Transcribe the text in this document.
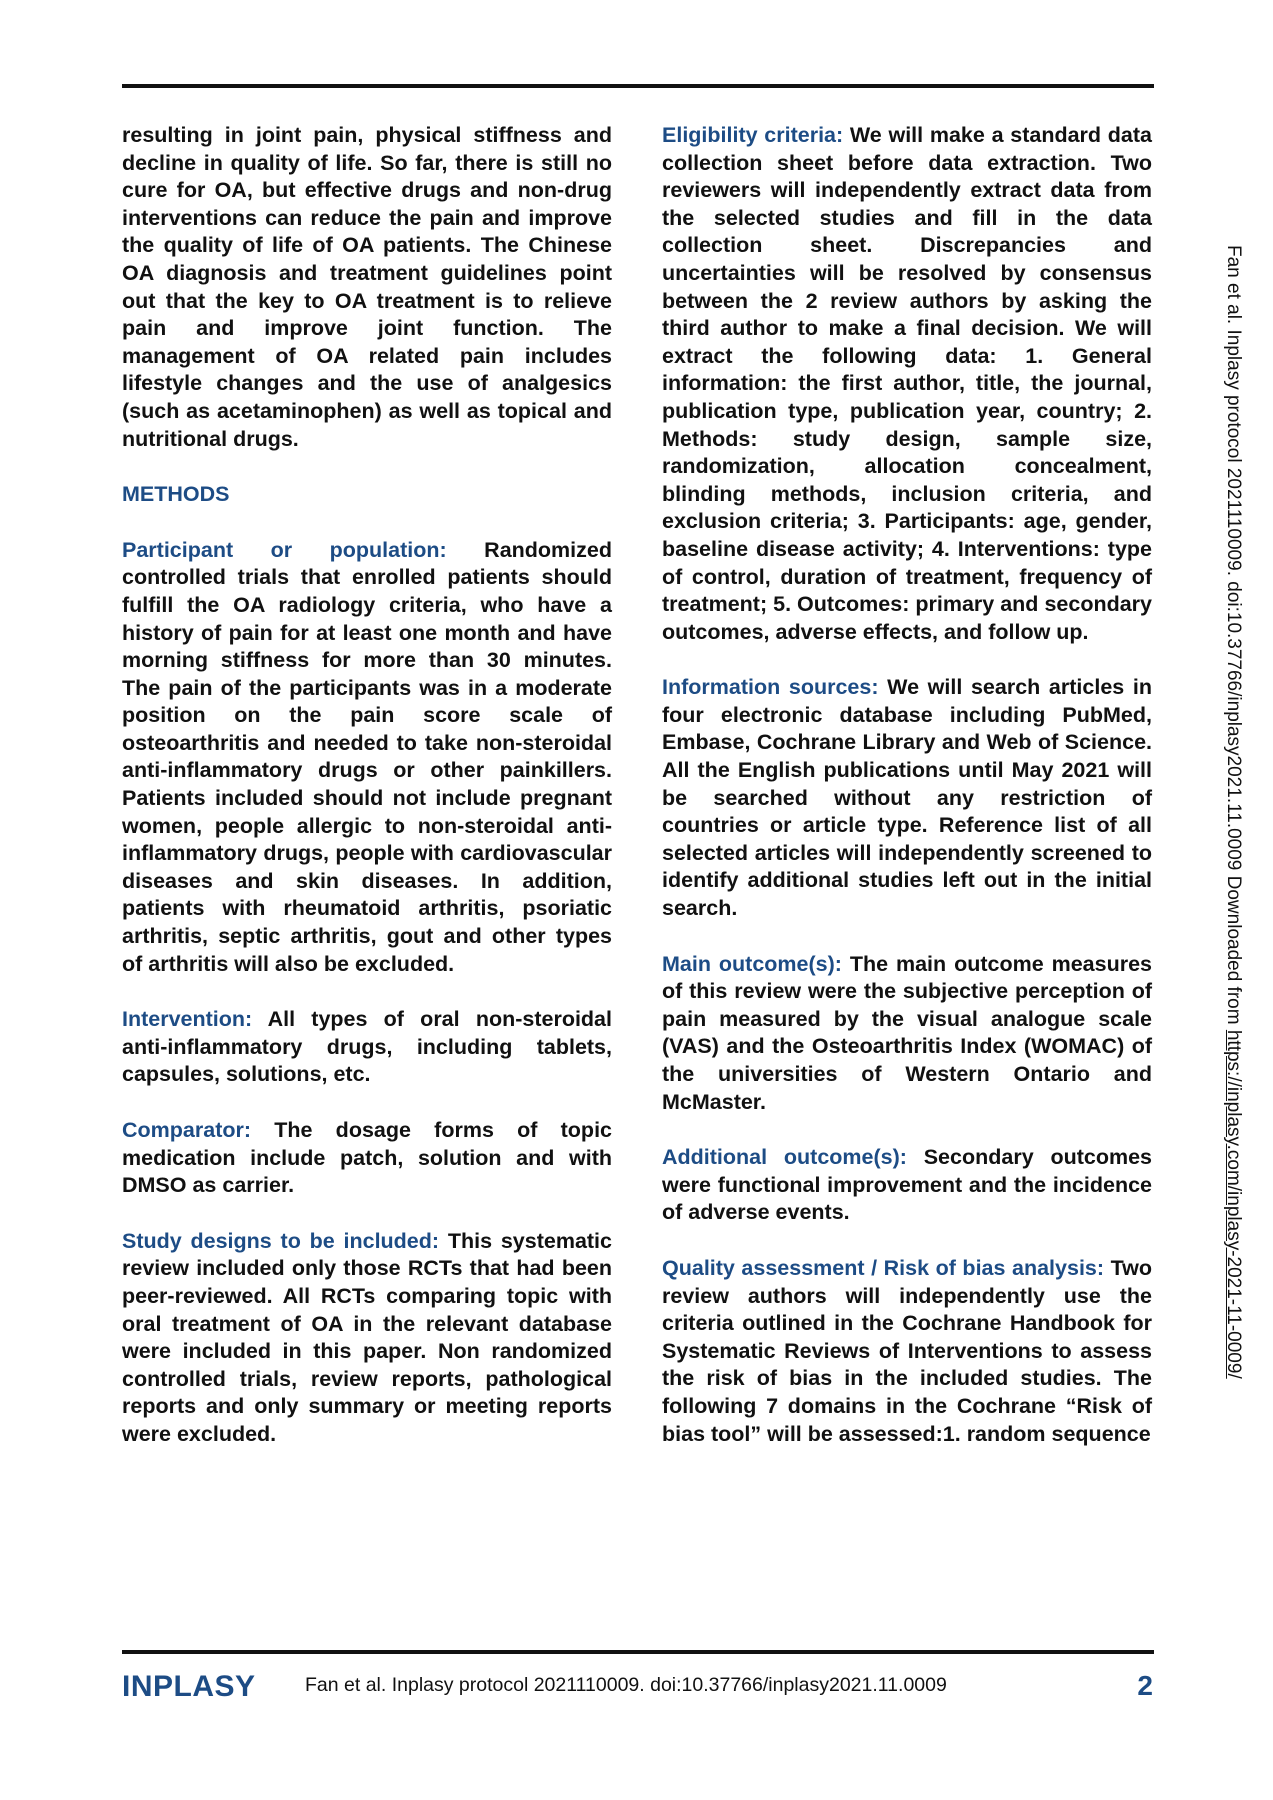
resulting in joint pain, physical stiffness and decline in quality of life. So far, there is still no cure for OA, but effective drugs and non-drug interventions can reduce the pain and improve the quality of life of OA patients. The Chinese OA diagnosis and treatment guidelines point out that the key to OA treatment is to relieve pain and improve joint function. The management of OA related pain includes lifestyle changes and the use of analgesics (such as acetaminophen) as well as topical and nutritional drugs.

METHODS

Participant or population: Randomized controlled trials that enrolled patients should fulfill the OA radiology criteria, who have a history of pain for at least one month and have morning stiffness for more than 30 minutes. The pain of the participants was in a moderate position on the pain score scale of osteoarthritis and needed to take non-steroidal anti-inflammatory drugs or other painkillers. Patients included should not include pregnant women, people allergic to non-steroidal anti-inflammatory drugs, people with cardiovascular diseases and skin diseases. In addition, patients with rheumatoid arthritis, psoriatic arthritis, septic arthritis, gout and other types of arthritis will also be excluded.

Intervention: All types of oral non-steroidal anti-inflammatory drugs, including tablets, capsules, solutions, etc.

Comparator: The dosage forms of topic medication include patch, solution and with DMSO as carrier.

Study designs to be included: This systematic review included only those RCTs that had been peer-reviewed. All RCTs comparing topic with oral treatment of OA in the relevant database were included in this paper. Non randomized controlled trials, review reports, pathological reports and only summary or meeting reports were excluded.

Eligibility criteria: We will make a standard data collection sheet before data extraction. Two reviewers will independently extract data from the selected studies and fill in the data collection sheet. Discrepancies and uncertainties will be resolved by consensus between the 2 review authors by asking the third author to make a final decision. We will extract the following data: 1. General information: the first author, title, the journal, publication type, publication year, country; 2. Methods: study design, sample size, randomization, allocation concealment, blinding methods, inclusion criteria, and exclusion criteria; 3. Participants: age, gender, baseline disease activity; 4. Interventions: type of control, duration of treatment, frequency of treatment; 5. Outcomes: primary and secondary outcomes, adverse effects, and follow up.

Information sources: We will search articles in four electronic database including PubMed, Embase, Cochrane Library and Web of Science. All the English publications until May 2021 will be searched without any restriction of countries or article type. Reference list of all selected articles will independently screened to identify additional studies left out in the initial search.

Main outcome(s): The main outcome measures of this review were the subjective perception of pain measured by the visual analogue scale (VAS) and the Osteoarthritis Index (WOMAC) of the universities of Western Ontario and McMaster.

Additional outcome(s): Secondary outcomes were functional improvement and the incidence of adverse events.

Quality assessment / Risk of bias analysis: Two review authors will independently use the criteria outlined in the Cochrane Handbook for Systematic Reviews of Interventions to assess the risk of bias in the included studies. The following 7 domains in the Cochrane “Risk of bias tool” will be assessed:1. random sequence

INPLASY	Fan et al. Inplasy protocol 2021110009. doi:10.37766/inplasy2021.11.0009	2
Fan et al. Inplasy protocol 2021110009. doi:10.37766/inplasy2021.11.0009 Downloaded from https://inplasy.com/inplasy-2021-11-0009/
